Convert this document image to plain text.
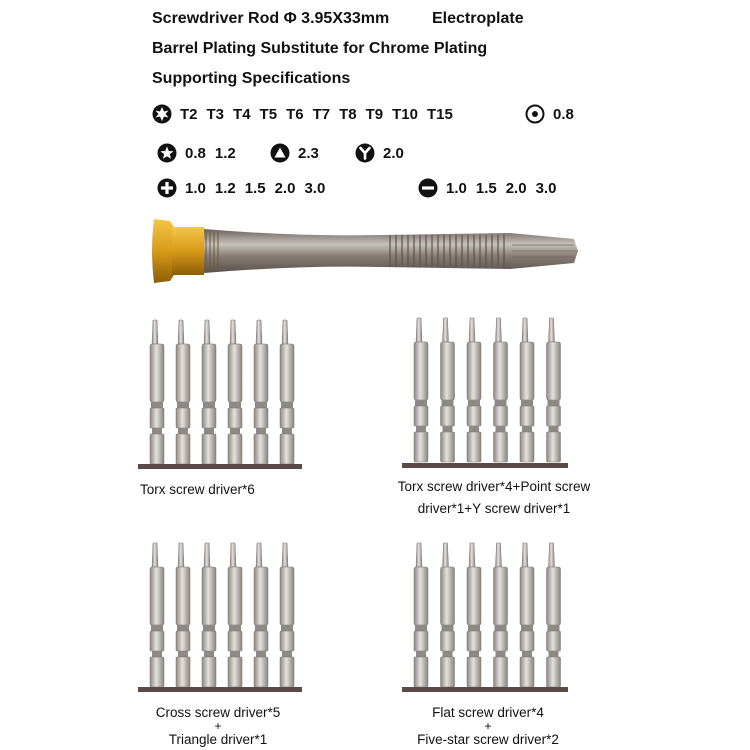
Screwdriver Rod Φ 3.95X33mm	Electroplate
Barrel Plating Substitute for Chrome Plating
Supporting Specifications
T2 T3 T4 T5 T6 T7 T8 T9 T10 T15	0.8
0.8 1.2	2.3	2.0
1.0 1.2 1.5 2.0 3.0	1.0 1.5 2.0 3.0
Torx screw driver*6	Torx screw driver*4+Point screw
driver*1+Y screw driver*1
Cross screw driver*5
+
Triangle driver*1
Flat screw driver*4
+
Five-star screw driver*2
